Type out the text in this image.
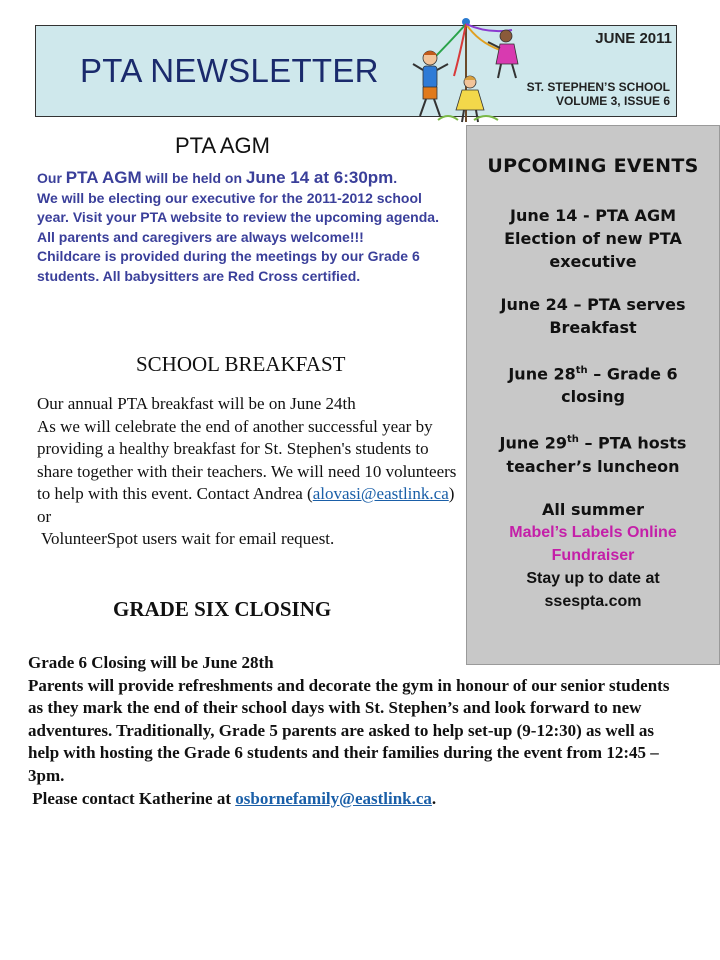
PTA NEWSLETTER
JUNE 2011
ST. STEPHEN’S SCHOOL
VOLUME 3, ISSUE 6
PTA AGM
Our PTA AGM will be held on June 14 at 6:30pm.
We will be electing our executive for the 2011-2012 school year. Visit your PTA website to review the upcoming agenda. All parents and caregivers are always welcome!!!
Childcare is provided during the meetings by our Grade 6 students. All babysitters are Red Cross certified.
SCHOOL BREAKFAST
Our annual PTA breakfast will be on June 24th
As we will celebrate the end of another successful year by providing a healthy breakfast for St. Stephen's students to share together with their teachers. We will need 10 volunteers to help with this event. Contact Andrea (alovasi@eastlink.ca) or
VolunteerSpot users wait for email request.
GRADE SIX CLOSING
Grade 6 Closing will be June 28th
Parents will provide refreshments and decorate the gym in honour of our senior students as they mark the end of their school days with St. Stephen’s and look forward to new adventures. Traditionally, Grade 5 parents are asked to help set-up (9-12:30) as well as help with hosting the Grade 6 students and their families during the event from 12:45 – 3pm.
Please contact Katherine at osbornefamily@eastlink.ca.
UPCOMING EVENTS
June 14 - PTA AGM Election of new PTA executive
June 24 – PTA serves Breakfast
June 28th – Grade 6 closing
June 29th – PTA hosts teacher’s luncheon
All summer
Mabel’s Labels Online Fundraiser
Stay up to date at ssespta.com
